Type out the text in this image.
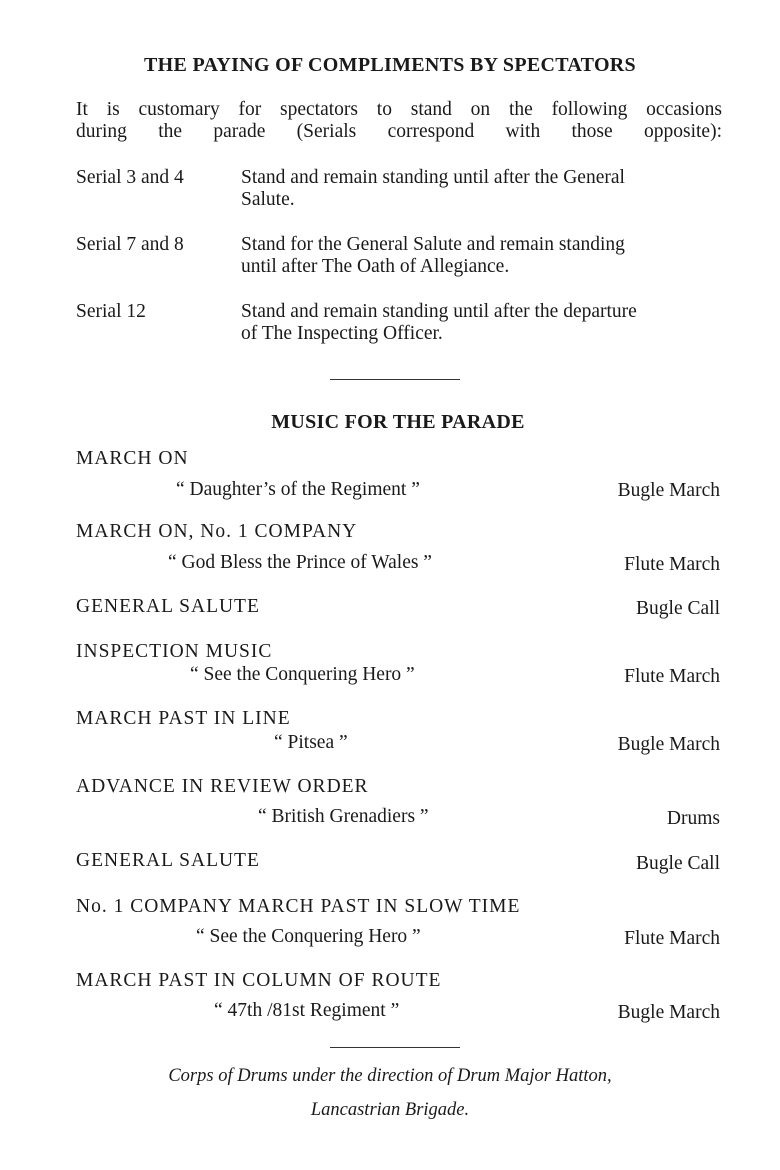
THE PAYING OF COMPLIMENTS BY SPECTATORS
It is customary for spectators to stand on the following occasions
during the parade (Serials correspond with those opposite):
Serial 3 and 4	Stand and remain standing until after the General
Salute.
Serial 7 and 8	Stand for the General Salute and remain standing
until after The Oath of Allegiance.
Serial 12	Stand and remain standing until after the departure
of The Inspecting Officer.
MUSIC FOR THE PARADE
MARCH ON
“ Daughter’s of the Regiment ”	Bugle March
MARCH ON, No. 1 COMPANY
“ God Bless the Prince of Wales ”	Flute March
GENERAL SALUTE	Bugle Call
INSPECTION MUSIC
“ See the Conquering Hero ”	Flute March
MARCH PAST IN LINE
“ Pitsea ”	Bugle March
ADVANCE IN REVIEW ORDER
“ British Grenadiers ”	Drums
GENERAL SALUTE	Bugle Call
No. 1 COMPANY MARCH PAST IN SLOW TIME
“ See the Conquering Hero ”	Flute March
MARCH PAST IN COLUMN OF ROUTE
“ 47th /81st Regiment ”	Bugle March
Corps of Drums under the direction of Drum Major Hatton,
Lancastrian Brigade.
